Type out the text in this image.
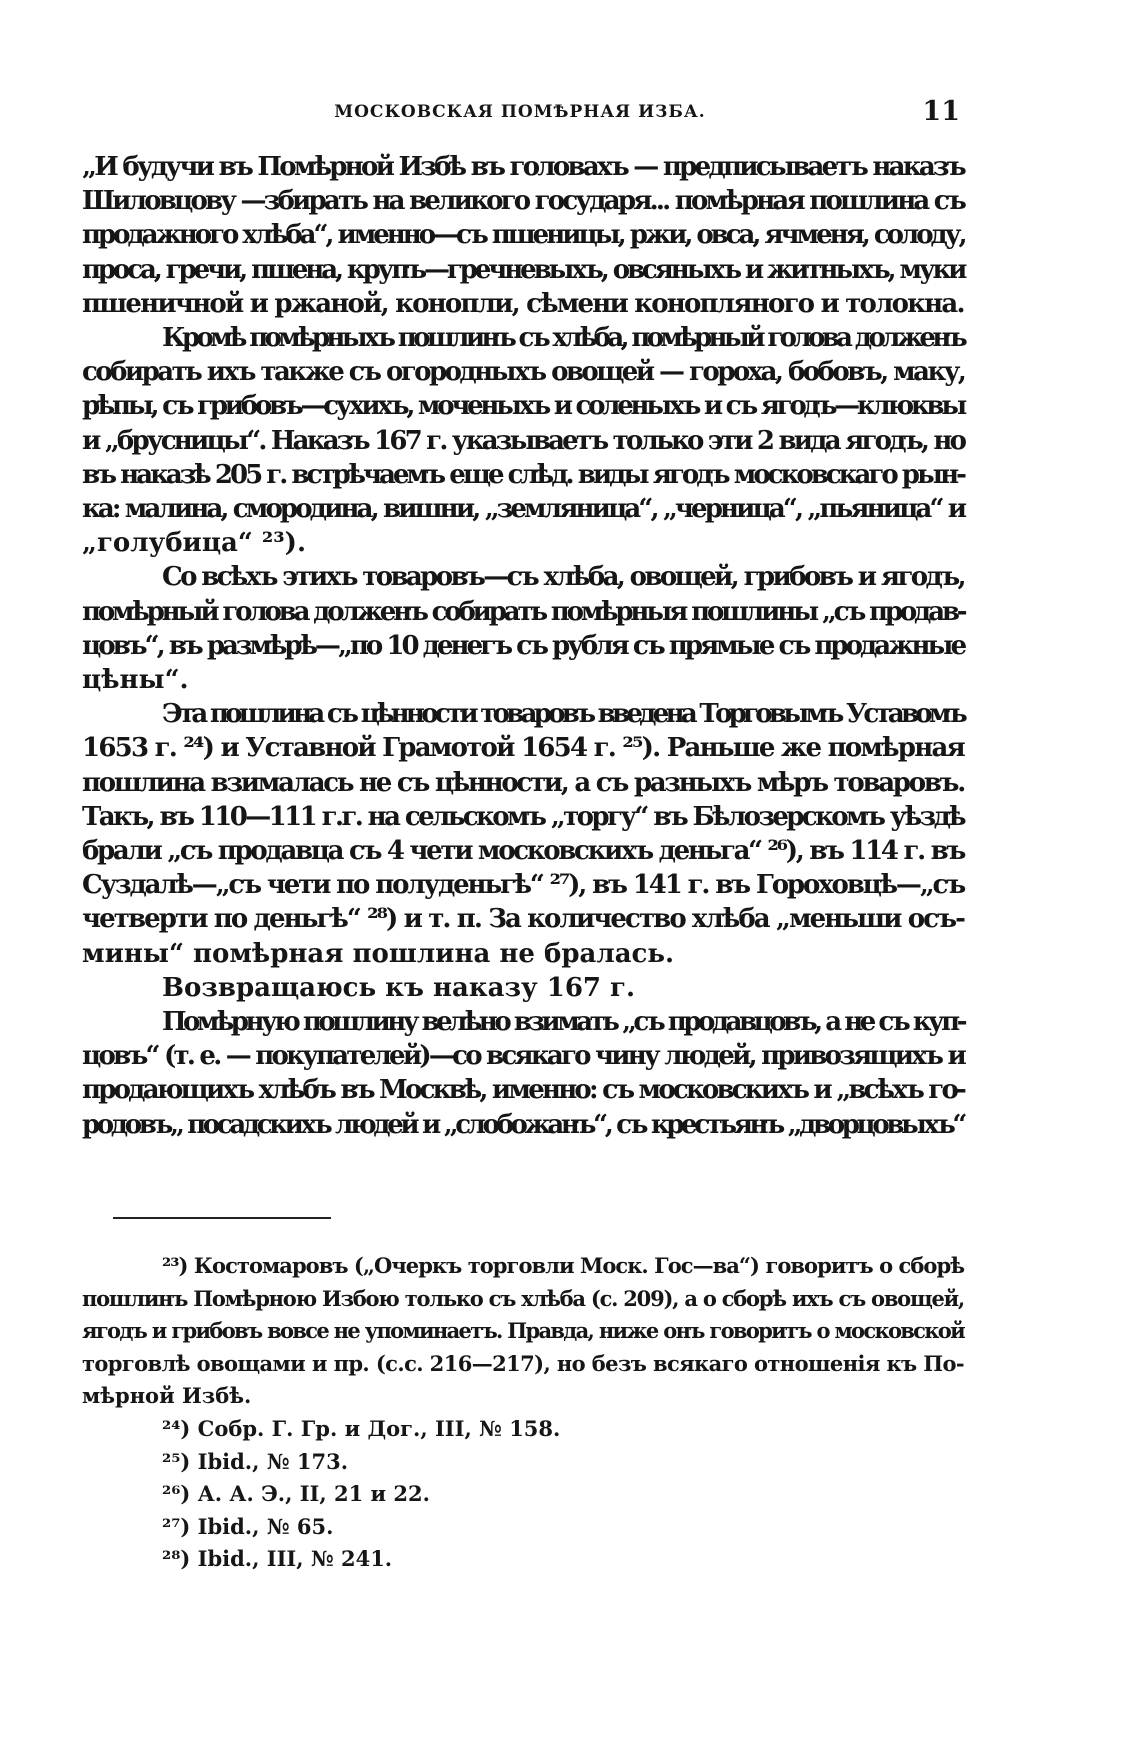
МОСКОВСКАЯ ПОМѢРНАЯ ИЗБА.	11
„И будучи въ Помѣрной Избѣ въ головахъ — предписываетъ наказъ
Шиловцову —збирать на великого государя... помѣрная пошлина съ
продажного хлѣба“, именно—съ пшеницы, ржи, овса, ячменя, солоду,
проса, гречи, пшена, крупъ—гречневыхъ, овсяныхъ и житныхъ, муки
пшеничной и ржаной, конопли, сѣмени конопляного и толокна.
Кромѣ помѣрныхъ пошлинъ съ хлѣба, помѣрный голова долженъ
собирать ихъ также съ огородныхъ овощей — гороха, бобовъ, маку,
рѣпы, съ грибовъ—сухихъ, моченыхъ и соленыхъ и съ ягодъ—клюквы
и „брусницы“. Наказъ 167 г. указываетъ только эти 2 вида ягодъ, но
въ наказѣ 205 г. встрѣчаемъ еще слѣд. виды ягодъ московскаго рын-
ка: малина, смородина, вишни, „земляница“, „черница“, „пьяница“ и
„голубица“ ²³).
Со всѣхъ этихъ товаровъ—съ хлѣба, овощей, грибовъ и ягодъ,
помѣрный голова долженъ собирать помѣрныя пошлины „съ продав-
цовъ“, въ размѣрѣ—„по 10 денегъ съ рубля съ прямые съ продажные
цѣны“.
Эта пошлина съ цѣнности товаровъ введена Торговымъ Уставомъ
1653 г. ²⁴) и Уставной Грамотой 1654 г. ²⁵). Раньше же помѣрная
пошлина взималась не съ цѣнности, а съ разныхъ мѣръ товаровъ.
Такъ, въ 110—111 г.г. на сельскомъ „торгу“ въ Бѣлозерскомъ уѣздѣ
брали „съ продавца съ 4 чети московскихъ деньга“ ²⁶), въ 114 г. въ
Суздалѣ—„съ чети по полуденьгѣ“ ²⁷), въ 141 г. въ Гороховцѣ—„съ
четверти по деньгѣ“ ²⁸) и т. п. За количество хлѣба „меньши осъ-
мины“ помѣрная пошлина не бралась.
Возвращаюсь къ наказу 167 г.
Помѣрную пошлину велѣно взимать „съ продавцовъ, а не съ куп-
цовъ“ (т. е. — покупателей)—со всякаго чину людей, привозящихъ и
продающихъ хлѣбъ въ Москвѣ, именно: съ московскихъ и „всѣхъ го-
родовъ„ посадскихъ людей и „слобожанъ“, съ крестьянъ „дворцовыхъ“
²³) Костомаровъ („Очеркъ торговли Моск. Гос—ва“) говоритъ о сборѣ
пошлинъ Помѣрною Избою только съ хлѣба (с. 209), а о сборѣ ихъ съ овощей,
ягодъ и грибовъ вовсе не упоминаетъ. Правда, ниже онъ говоритъ о московской
торговлѣ овощами и пр. (с.с. 216—217), но безъ всякаго отношенія къ По-
мѣрной Избѣ.
²⁴) Собр. Г. Гр. и Дог., III, № 158.
²⁵) Ibid., № 173.
²⁶) А. А. Э., II, 21 и 22.
²⁷) Ibid., № 65.
²⁸) Ibid., III, № 241.
